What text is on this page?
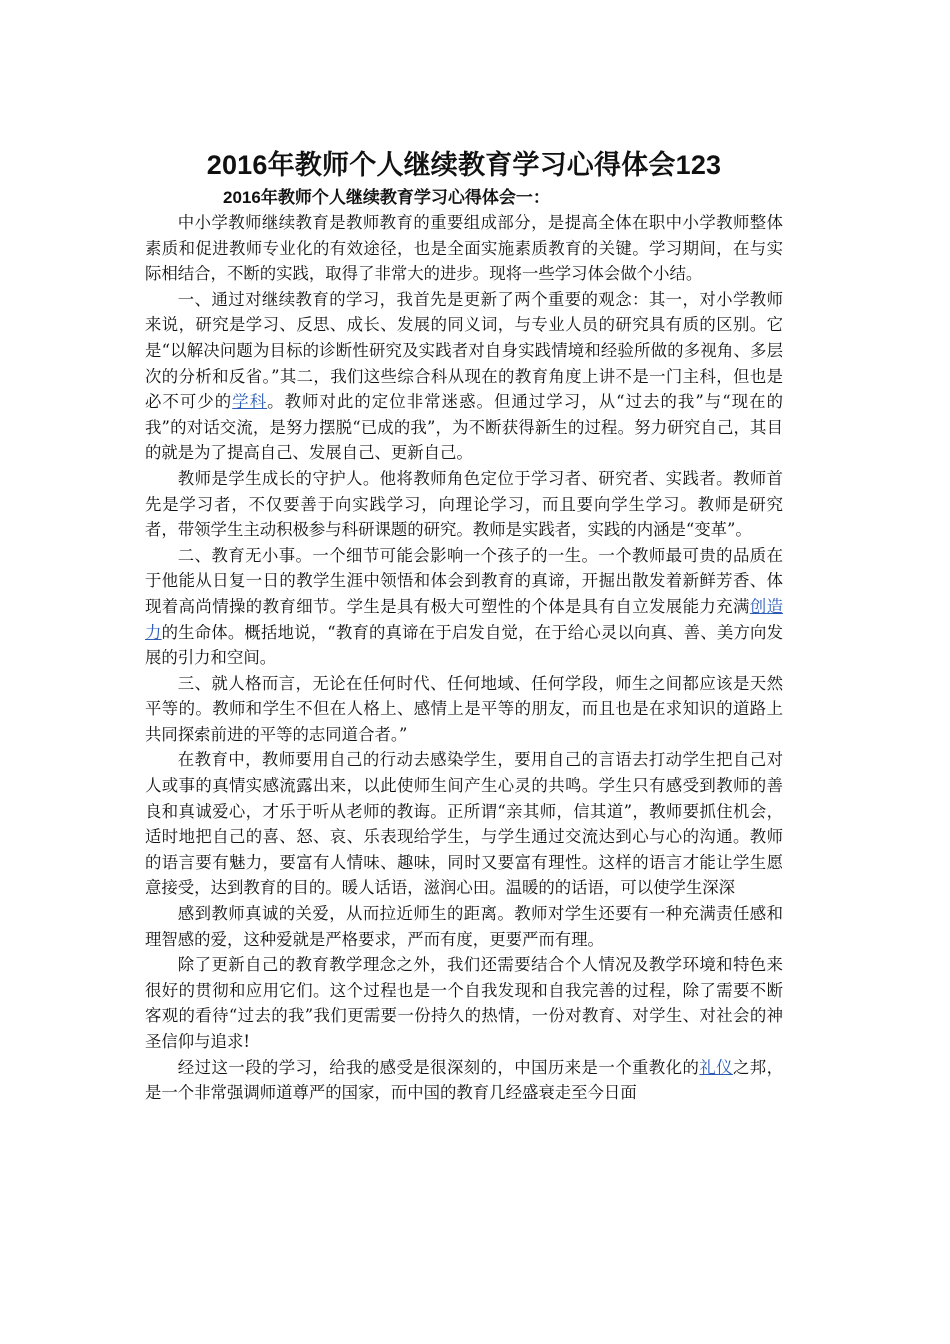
2016年教师个人继续教育学习心得体会123
2016年教师个人继续教育学习心得体会一：

中小学教师继续教育是教师教育的重要组成部分，是提高全体在职中小学教师整体素质和促进教师专业化的有效途径，也是全面实施素质教育的关键。学习期间，在与实际相结合，不断的实践，取得了非常大的进步。现将一些学习体会做个小结。

一、通过对继续教育的学习，我首先是更新了两个重要的观念：其一，对小学教师来说，研究是学习、反思、成长、发展的同义词，与专业人员的研究具有质的区别。它是“以解决问题为目标的诊断性研究及实践者对自身实践情境和经验所做的多视角、多层次的分析和反省。”其二，我们这些综合科从现在的教育角度上讲不是一门主科，但也是必不可少的学科。教师对此的定位非常迷惑。但通过学习，从“过去的我”与“现在的我”的对话交流，是努力摆脱“已成的我”，为不断获得新生的过程。努力研究自己，其目的就是为了提高自己、发展自己、更新自己。

教师是学生成长的守护人。他将教师角色定位于学习者、研究者、实践者。教师首先是学习者，不仅要善于向实践学习，向理论学习，而且要向学生学习。教师是研究者，带领学生主动积极参与科研课题的研究。教师是实践者，实践的内涵是“变革”。

二、教育无小事。一个细节可能会影响一个孩子的一生。一个教师最可贵的品质在于他能从日复一日的教学生涯中领悟和体会到教育的真谛，开掘出散发着新鲜芳香、体现着高尚情操的教育细节。学生是具有极大可塑性的个体是具有自立发展能力充满创造力的生命体。概括地说，“教育的真谛在于启发自觉，在于给心灵以向真、善、美方向发展的引力和空间。

三、就人格而言，无论在任何时代、任何地域、任何学段，师生之间都应该是天然平等的。教师和学生不但在人格上、感情上是平等的朋友，而且也是在求知识的道路上共同探索前进的平等的志同道合者。”

在教育中，教师要用自己的行动去感染学生，要用自己的言语去打动学生把自己对人或事的真情实感流露出来，以此使师生间产生心灵的共鸣。学生只有感受到教师的善良和真诚爱心，才乐于听从老师的教诲。正所谓“亲其师，信其道”，教师要抓住机会，适时地把自己的喜、怒、哀、乐表现给学生，与学生通过交流达到心与心的沟通。教师的语言要有魅力，要富有人情味、趣味，同时又要富有理性。这样的语言才能让学生愿意接受，达到教育的目的。暖人话语，滋润心田。温暖的的话语，可以使学生深深

感到教师真诚的关爱，从而拉近师生的距离。教师对学生还要有一种充满责任感和理智感的爱，这种爱就是严格要求，严而有度，更要严而有理。

除了更新自己的教育教学理念之外，我们还需要结合个人情况及教学环境和特色来很好的贯彻和应用它们。这个过程也是一个自我发现和自我完善的过程，除了需要不断客观的看待“过去的我”我们更需要一份持久的热情，一份对教育、对学生、对社会的神圣信仰与追求!

经过这一段的学习，给我的感受是很深刻的，中国历来是一个重教化的礼仪之邦，是一个非常强调师道尊严的国家，而中国的教育几经盛衰走至今日面
